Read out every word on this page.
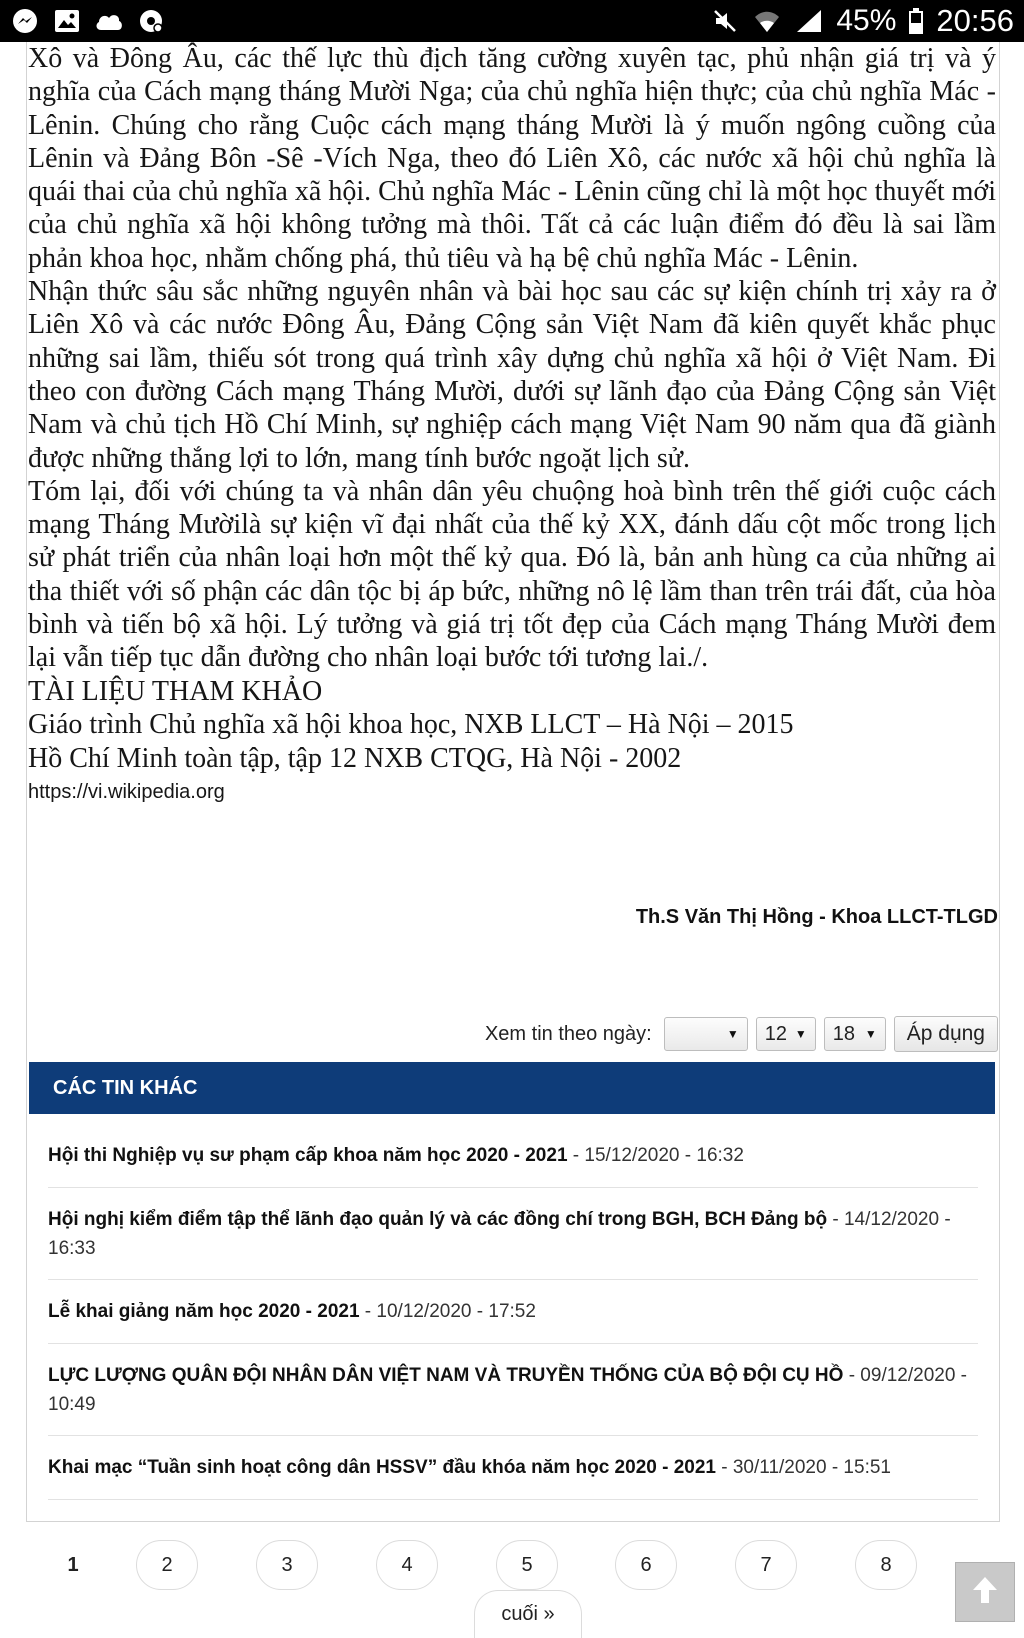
45% 20:56

Xô và Đông Âu, các thế lực thù địch tăng cường xuyên tạc, phủ nhận giá trị và ý nghĩa của Cách mạng tháng Mười Nga; của chủ nghĩa hiện thực; của chủ nghĩa Mác - Lênin. Chúng cho rằng Cuộc cách mạng tháng Mười là ý muốn ngông cuồng của Lênin và Đảng Bôn -Sê -Vích Nga, theo đó Liên Xô, các nước xã hội chủ nghĩa là quái thai của chủ nghĩa xã hội. Chủ nghĩa Mác - Lênin cũng chỉ là một học thuyết mới của chủ nghĩa xã hội không tưởng mà thôi. Tất cả các luận điểm đó đều là sai lầm phản khoa học, nhằm chống phá, thủ tiêu và hạ bệ chủ nghĩa Mác - Lênin.

Nhận thức sâu sắc những nguyên nhân và bài học sau các sự kiện chính trị xảy ra ở Liên Xô và các nước Đông Âu, Đảng Cộng sản Việt Nam đã kiên quyết khắc phục những sai lầm, thiếu sót trong quá trình xây dựng chủ nghĩa xã hội ở Việt Nam. Đi theo con đường Cách mạng Tháng Mười, dưới sự lãnh đạo của Đảng Cộng sản Việt Nam và chủ tịch Hồ Chí Minh, sự nghiệp cách mạng Việt Nam 90 năm qua đã giành được những thắng lợi to lớn, mang tính bước ngoặt lịch sử.

Tóm lại, đối với chúng ta và nhân dân yêu chuộng hoà bình trên thế giới cuộc cách mạng Tháng Mườilà sự kiện vĩ đại nhất của thế kỷ XX, đánh dấu cột mốc trong lịch sử phát triển của nhân loại hơn một thế kỷ qua. Đó là, bản anh hùng ca của những ai tha thiết với số phận các dân tộc bị áp bức, những nô lệ lầm than trên trái đất, của hòa bình và tiến bộ xã hội. Lý tưởng và giá trị tốt đẹp của Cách mạng Tháng Mười đem lại vẫn tiếp tục dẫn đường cho nhân loại bước tới tương lai./.

TÀI LIỆU THAM KHẢO
Giáo trình Chủ nghĩa xã hội khoa học, NXB LLCT – Hà Nội – 2015
Hồ Chí Minh toàn tập, tập 12 NXB CTQG, Hà Nội - 2002
https://vi.wikipedia.org
Th.S Văn Thị Hồng - Khoa LLCT-TLGD
Xem tin theo ngày:	▼ 12 ▼ 18 ▼	Áp dụng
CÁC TIN KHÁC
Hội thi Nghiệp vụ sư phạm cấp khoa năm học 2020 - 2021 - 15/12/2020 - 16:32
Hội nghị kiểm điểm tập thể lãnh đạo quản lý và các đồng chí trong BGH, BCH Đảng bộ - 14/12/2020 - 16:33
Lễ khai giảng năm học 2020 - 2021 - 10/12/2020 - 17:52
LỰC LƯỢNG QUÂN ĐỘI NHÂN DÂN VIỆT NAM VÀ TRUYỀN THỐNG CỦA BỘ ĐỘI CỤ HỒ - 09/12/2020 - 10:49
Khai mạc “Tuần sinh hoạt công dân HSSV” đầu khóa năm học 2020 - 2021 - 30/11/2020 - 15:51
1	2	3	4	5	6	7	8
cuối »
